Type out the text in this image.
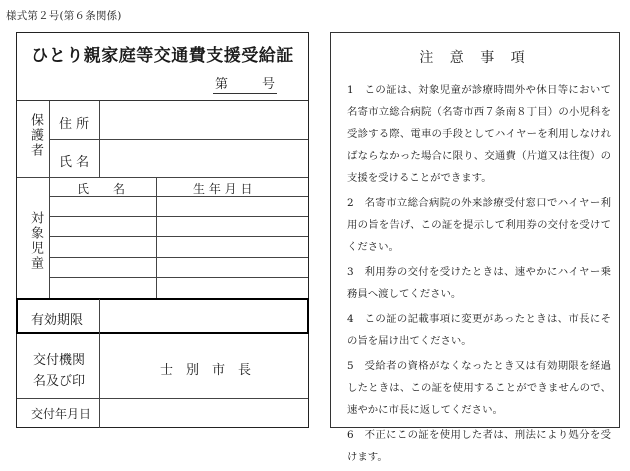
様式第２号(第６条関係)
ひとり親家庭等交通費支援受給証
第	号
保護者 住 所
氏 名
対象児童
氏　　名	生 年 月 日
有効期限
交付機関
名及び印
士　別　市　長
交付年月日
注 意 事 項

1　この証は、対象児童が診療時間外や休日等において名寄市立総合病院（名寄市西７条南８丁目）の小児科を受診する際、電車の手段としてハイヤーを利用しなければならなかった場合に限り、交通費（片道又は往復）の支援を受けることができます。

2　名寄市立総合病院の外来診療受付窓口でハイヤー利用の旨を告げ、この証を提示して利用券の交付を受けてください。

3　利用券の交付を受けたときは、速やかにハイヤー乗務員へ渡してください。

4　この証の記載事項に変更があったときは、市長にその旨を届け出てください。

5　受給者の資格がなくなったとき又は有効期限を経過したときは、この証を使用することができませんので、速やかに市長に返してください。

6　不正にこの証を使用した者は、刑法により処分を受けます。
